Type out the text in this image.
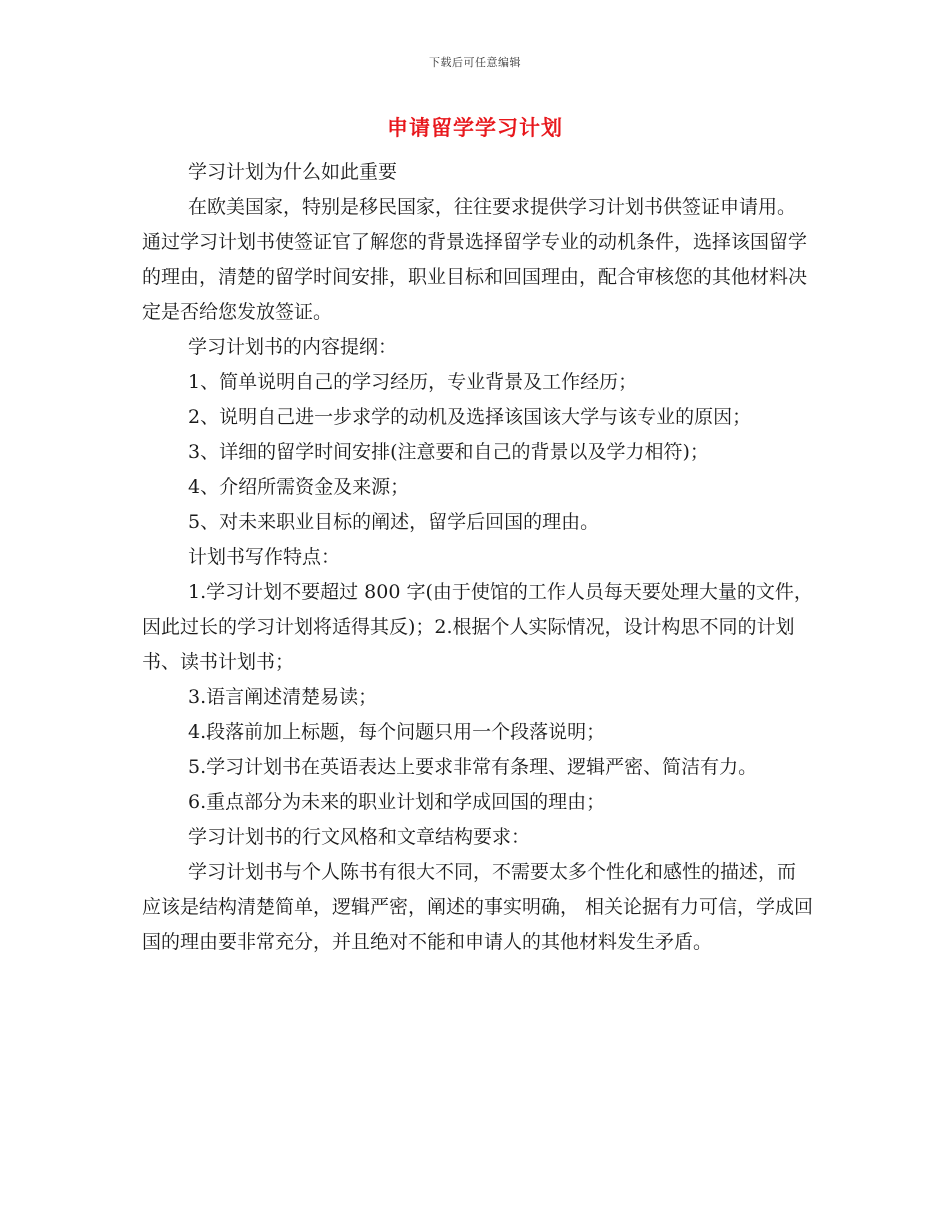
下载后可任意编辑
申请留学学习计划

学习计划为什么如此重要

在欧美国家，特别是移民国家，往往要求提供学习计划书供签证申请用。通过学习计划书使签证官了解您的背景选择留学专业的动机条件，选择该国留学的理由，清楚的留学时间安排，职业目标和回国理由，配合审核您的其他材料决定是否给您发放签证。

学习计划书的内容提纲：

1、简单说明自己的学习经历，专业背景及工作经历；

2、说明自己进一步求学的动机及选择该国该大学与该专业的原因；

3、详细的留学时间安排(注意要和自己的背景以及学力相符)；

4、介绍所需资金及来源；

5、对未来职业目标的阐述，留学后回国的理由。

计划书写作特点：

1.学习计划不要超过 800 字(由于使馆的工作人员每天要处理大量的文件，因此过长的学习计划将适得其反)；2.根据个人实际情况，设计构思不同的计划书、读书计划书；

3.语言阐述清楚易读；

4.段落前加上标题，每个问题只用一个段落说明；

5.学习计划书在英语表达上要求非常有条理、逻辑严密、简洁有力。

6.重点部分为未来的职业计划和学成回国的理由；

学习计划书的行文风格和文章结构要求：

学习计划书与个人陈书有很大不同，不需要太多个性化和感性的描述，而应该是结构清楚简单，逻辑严密，阐述的事实明确， 相关论据有力可信，学成回国的理由要非常充分，并且绝对不能和申请人的其他材料发生矛盾。
